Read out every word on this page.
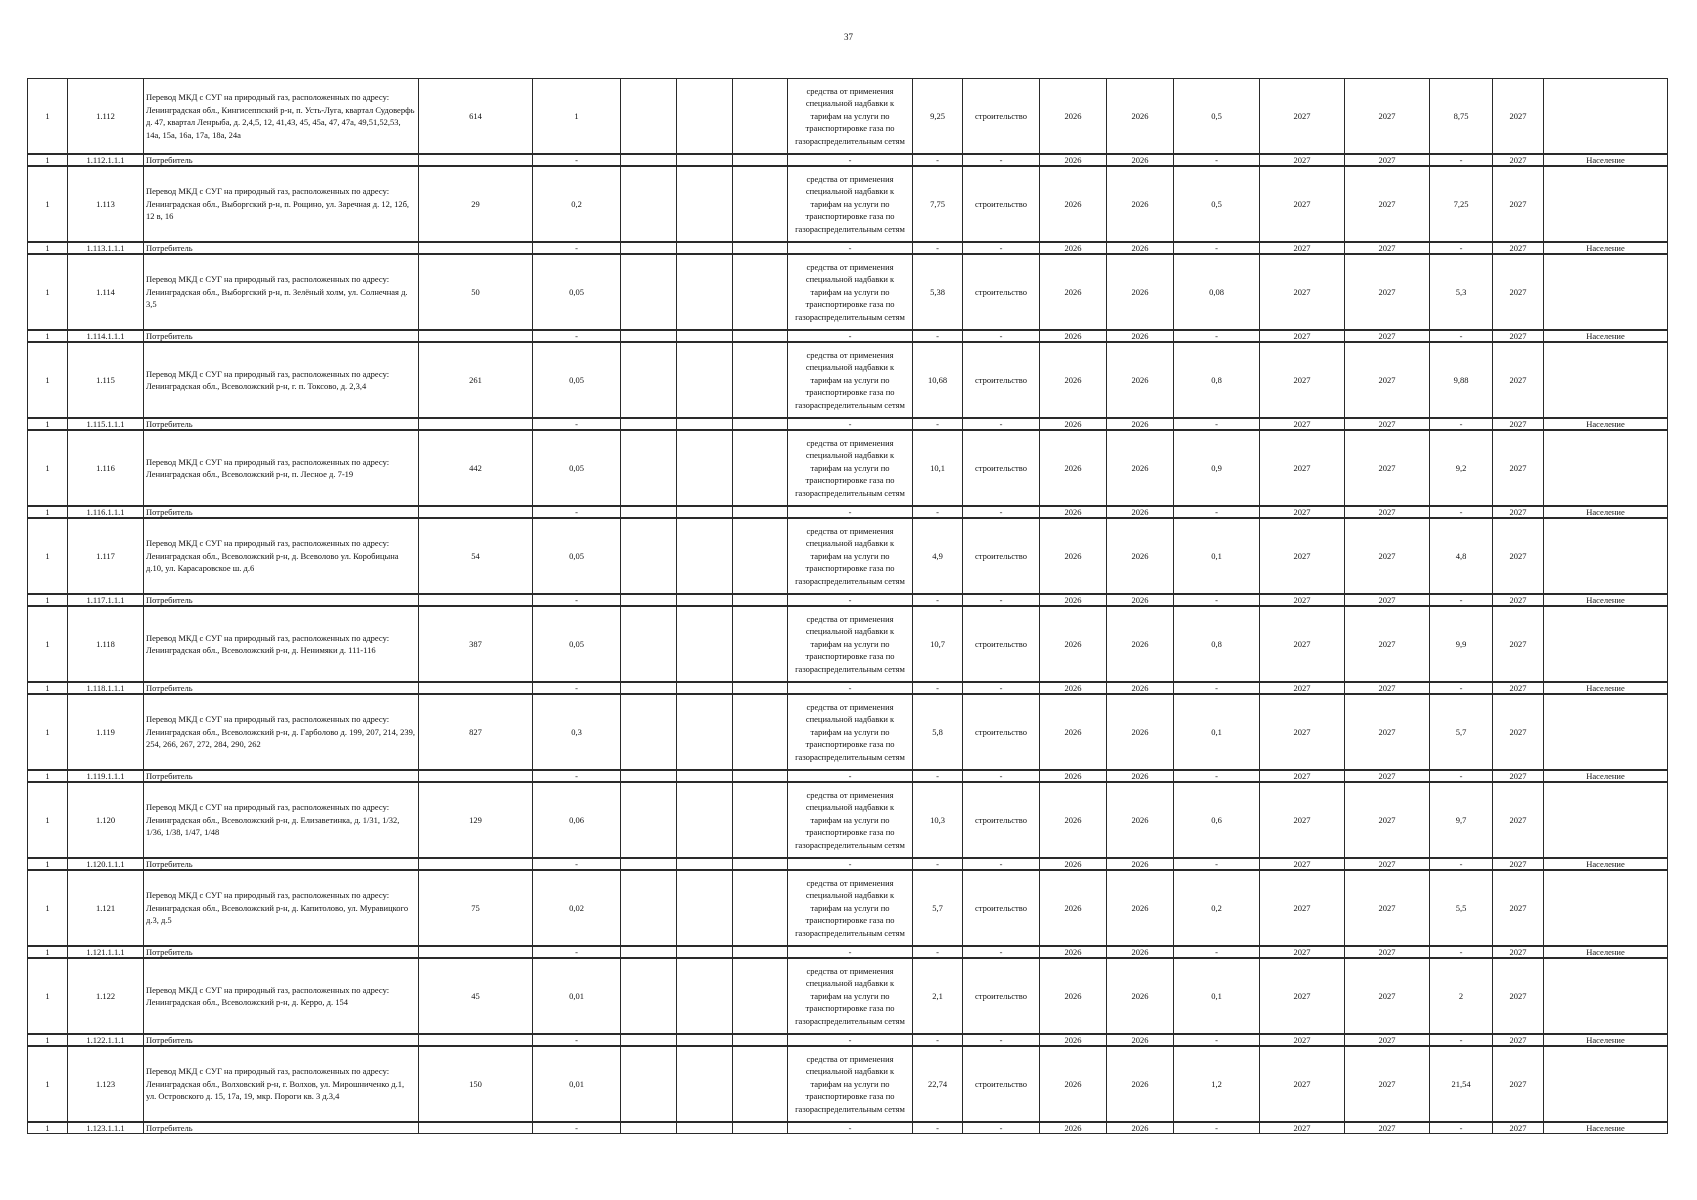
37
1	1.112	Перевод МКД с СУГ на природный газ, расположенных по адресу: Ленинградская обл., Кингисеппский р-н, п. Усть-Луга, квартал Судоверфь д. 47, квартал Ленрыба, д. 2,4,5, 12, 41,43, 45, 45а, 47, 47а, 49,51,52,53, 14а, 15а, 16а, 17а, 18а, 24а	614	1				средства от применения специальной надбавки к тарифам на услуги по транспортировке газа по газораспределительным сетям	9,25	строительство	2026	2026	0,5	2027	2027	8,75	2027	
1	1.112.1.1.1	Потребитель		-				-	-	-	2026	2026	-	2027	2027	-	2027	Население
1	1.113	Перевод МКД с СУГ на природный газ, расположенных по адресу: Ленинградская обл., Выборгский р-н, п. Рощино, ул. Заречная д. 12, 12б, 12 в, 16	29	0,2				средства от применения специальной надбавки к тарифам на услуги по транспортировке газа по газораспределительным сетям	7,75	строительство	2026	2026	0,5	2027	2027	7,25	2027	
1	1.113.1.1.1	Потребитель		-				-	-	-	2026	2026	-	2027	2027	-	2027	Население
1	1.114	Перевод МКД с СУГ на природный газ, расположенных по адресу: Ленинградская обл., Выборгский р-н, п. Зелёный холм, ул. Солнечная д. 3,5	50	0,05				средства от применения специальной надбавки к тарифам на услуги по транспортировке газа по газораспределительным сетям	5,38	строительство	2026	2026	0,08	2027	2027	5,3	2027	
1	1.114.1.1.1	Потребитель		-				-	-	-	2026	2026	-	2027	2027	-	2027	Население
1	1.115	Перевод МКД с СУГ на природный газ, расположенных по адресу: Ленинградская обл., Всеволожский р-н, г. п. Токсово, д. 2,3,4	261	0,05				средства от применения специальной надбавки к тарифам на услуги по транспортировке газа по газораспределительным сетям	10,68	строительство	2026	2026	0,8	2027	2027	9,88	2027	
1	1.115.1.1.1	Потребитель		-				-	-	-	2026	2026	-	2027	2027	-	2027	Население
1	1.116	Перевод МКД с СУГ на природный газ, расположенных по адресу: Ленинградская обл., Всеволожский р-н, п. Лесное д. 7-19	442	0,05				средства от применения специальной надбавки к тарифам на услуги по транспортировке газа по газораспределительным сетям	10,1	строительство	2026	2026	0,9	2027	2027	9,2	2027	
1	1.116.1.1.1	Потребитель		-				-	-	-	2026	2026	-	2027	2027	-	2027	Население
1	1.117	Перевод МКД с СУГ на природный газ, расположенных по адресу: Ленинградская обл., Всеволожский р-н, д. Всеволово ул. Коробицына д.10, ул. Карасаровское ш. д.6	54	0,05				средства от применения специальной надбавки к тарифам на услуги по транспортировке газа по газораспределительным сетям	4,9	строительство	2026	2026	0,1	2027	2027	4,8	2027	
1	1.117.1.1.1	Потребитель		-				-	-	-	2026	2026	-	2027	2027	-	2027	Население
1	1.118	Перевод МКД с СУГ на природный газ, расположенных по адресу: Ленинградская обл., Всеволожский р-н, д. Ненимяки д. 111-116	387	0,05				средства от применения специальной надбавки к тарифам на услуги по транспортировке газа по газораспределительным сетям	10,7	строительство	2026	2026	0,8	2027	2027	9,9	2027	
1	1.118.1.1.1	Потребитель		-				-	-	-	2026	2026	-	2027	2027	-	2027	Население
1	1.119	Перевод МКД с СУГ на природный газ, расположенных по адресу: Ленинградская обл., Всеволожский р-н, д. Гарболово д. 199, 207, 214, 239, 254, 266, 267, 272, 284, 290, 262	827	0,3				средства от применения специальной надбавки к тарифам на услуги по транспортировке газа по газораспределительным сетям	5,8	строительство	2026	2026	0,1	2027	2027	5,7	2027	
1	1.119.1.1.1	Потребитель		-				-	-	-	2026	2026	-	2027	2027	-	2027	Население
1	1.120	Перевод МКД с СУГ на природный газ, расположенных по адресу: Ленинградская обл., Всеволожский р-н, д. Елизаветинка, д. 1/31, 1/32, 1/36, 1/38, 1/47, 1/48	129	0,06				средства от применения специальной надбавки к тарифам на услуги по транспортировке газа по газораспределительным сетям	10,3	строительство	2026	2026	0,6	2027	2027	9,7	2027	
1	1.120.1.1.1	Потребитель		-				-	-	-	2026	2026	-	2027	2027	-	2027	Население
1	1.121	Перевод МКД с СУГ на природный газ, расположенных по адресу: Ленинградская обл., Всеволожский р-н, д. Капитолово, ул. Муравицкого д.3, д.5	75	0,02				средства от применения специальной надбавки к тарифам на услуги по транспортировке газа по газораспределительным сетям	5,7	строительство	2026	2026	0,2	2027	2027	5,5	2027	
1	1.121.1.1.1	Потребитель		-				-	-	-	2026	2026	-	2027	2027	-	2027	Население
1	1.122	Перевод МКД с СУГ на природный газ, расположенных по адресу: Ленинградская обл., Всеволожский р-н, д. Керро, д. 154	45	0,01				средства от применения специальной надбавки к тарифам на услуги по транспортировке газа по газораспределительным сетям	2,1	строительство	2026	2026	0,1	2027	2027	2	2027	
1	1.122.1.1.1	Потребитель		-				-	-	-	2026	2026	-	2027	2027	-	2027	Население
1	1.123	Перевод МКД с СУГ на природный газ, расположенных по адресу: Ленинградская обл., Волховский р-н, г. Волхов, ул. Мирошниченко д.1, ул. Островского д. 15, 17а, 19, мкр. Пороги кв. 3 д.3,4	150	0,01				средства от применения специальной надбавки к тарифам на услуги по транспортировке газа по газораспределительным сетям	22,74	строительство	2026	2026	1,2	2027	2027	21,54	2027	
1	1.123.1.1.1	Потребитель		-				-	-	-	2026	2026	-	2027	2027	-	2027	Население
